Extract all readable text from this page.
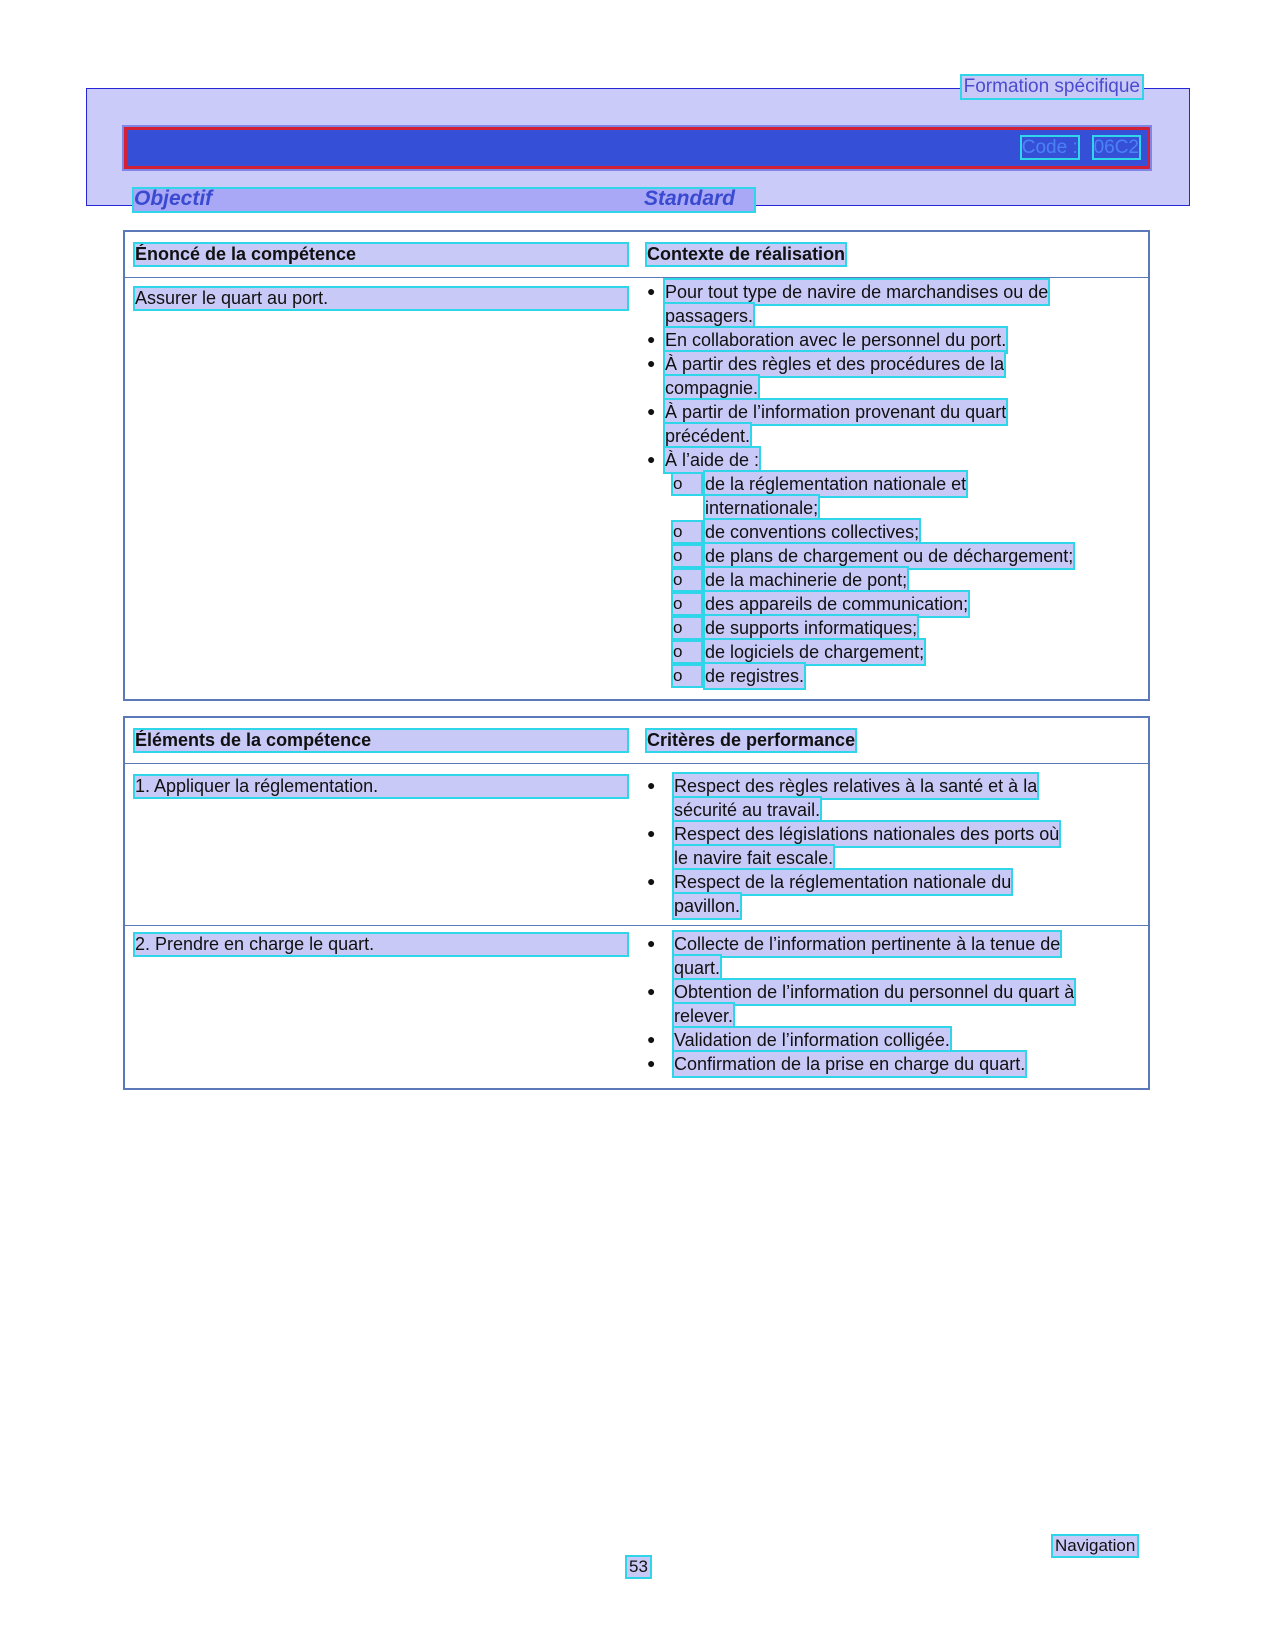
Formation spécifique
Code : 06C2
Objectif	Standard
Énoncé de la compétence	Contexte de réalisation
Assurer le quart au port.	● Pour tout type de navire de marchandises ou de
passagers.
● En collaboration avec le personnel du port.
● À partir des règles et des procédures de la
compagnie.
● À partir de l’information provenant du quart
précédent.
● À l’aide de :
o	de la réglementation nationale et
internationale;
o	de conventions collectives;
o	de plans de chargement ou de déchargement;
o	de la machinerie de pont;
o	des appareils de communication;
o	de supports informatiques;
o	de logiciels de chargement;
o	de registres.
Éléments de la compétence	Critères de performance
1. Appliquer la réglementation.	● Respect des règles relatives à la santé et à la
sécurité au travail.
● Respect des législations nationales des ports où
le navire fait escale.
● Respect de la réglementation nationale du
pavillon.
2. Prendre en charge le quart.	● Collecte de l’information pertinente à la tenue de
quart.
● Obtention de l’information du personnel du quart à
relever.
● Validation de l’information colligée.
● Confirmation de la prise en charge du quart.
Navigation
53
